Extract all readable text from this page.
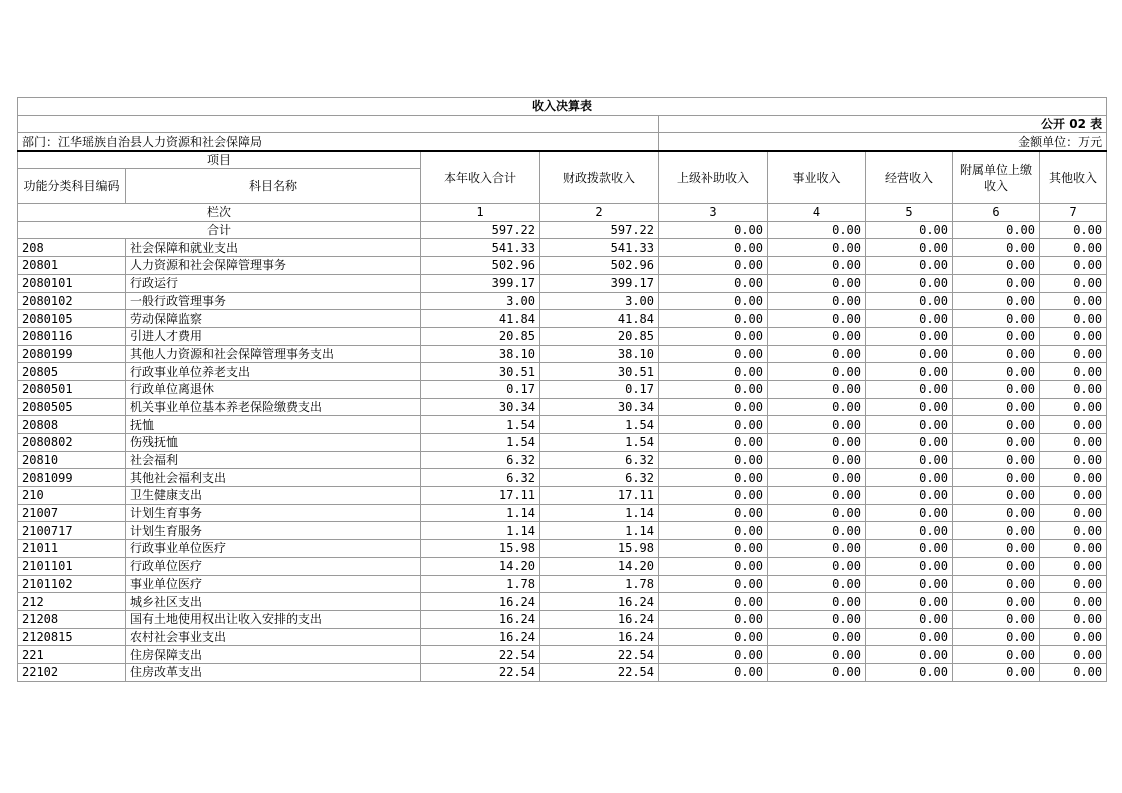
收入决算表								
				公开 02 表				
部门：江华瑶族自治县人力资源和社会保障局				金额单位：万元				
项目		本年收入合计	财政拨款收入	上级补助收入	事业收入	经营收入	附属单位上缴收入	其他收入
功能分类科目编码	科目名称							
栏次		1	2	3	4	5	6	7
合计		597.22	597.22	0.00	0.00	0.00	0.00	0.00
208	社会保障和就业支出	541.33	541.33	0.00	0.00	0.00	0.00	0.00
20801	人力资源和社会保障管理事务	502.96	502.96	0.00	0.00	0.00	0.00	0.00
2080101	行政运行	399.17	399.17	0.00	0.00	0.00	0.00	0.00
2080102	一般行政管理事务	3.00	3.00	0.00	0.00	0.00	0.00	0.00
2080105	劳动保障监察	41.84	41.84	0.00	0.00	0.00	0.00	0.00
2080116	引进人才费用	20.85	20.85	0.00	0.00	0.00	0.00	0.00
2080199	其他人力资源和社会保障管理事务支出	38.10	38.10	0.00	0.00	0.00	0.00	0.00
20805	行政事业单位养老支出	30.51	30.51	0.00	0.00	0.00	0.00	0.00
2080501	行政单位离退休	0.17	0.17	0.00	0.00	0.00	0.00	0.00
2080505	机关事业单位基本养老保险缴费支出	30.34	30.34	0.00	0.00	0.00	0.00	0.00
20808	抚恤	1.54	1.54	0.00	0.00	0.00	0.00	0.00
2080802	伤残抚恤	1.54	1.54	0.00	0.00	0.00	0.00	0.00
20810	社会福利	6.32	6.32	0.00	0.00	0.00	0.00	0.00
2081099	其他社会福利支出	6.32	6.32	0.00	0.00	0.00	0.00	0.00
210	卫生健康支出	17.11	17.11	0.00	0.00	0.00	0.00	0.00
21007	计划生育事务	1.14	1.14	0.00	0.00	0.00	0.00	0.00
2100717	计划生育服务	1.14	1.14	0.00	0.00	0.00	0.00	0.00
21011	行政事业单位医疗	15.98	15.98	0.00	0.00	0.00	0.00	0.00
2101101	行政单位医疗	14.20	14.20	0.00	0.00	0.00	0.00	0.00
2101102	事业单位医疗	1.78	1.78	0.00	0.00	0.00	0.00	0.00
212	城乡社区支出	16.24	16.24	0.00	0.00	0.00	0.00	0.00
21208	国有土地使用权出让收入安排的支出	16.24	16.24	0.00	0.00	0.00	0.00	0.00
2120815	农村社会事业支出	16.24	16.24	0.00	0.00	0.00	0.00	0.00
221	住房保障支出	22.54	22.54	0.00	0.00	0.00	0.00	0.00
22102	住房改革支出	22.54	22.54	0.00	0.00	0.00	0.00	0.00
